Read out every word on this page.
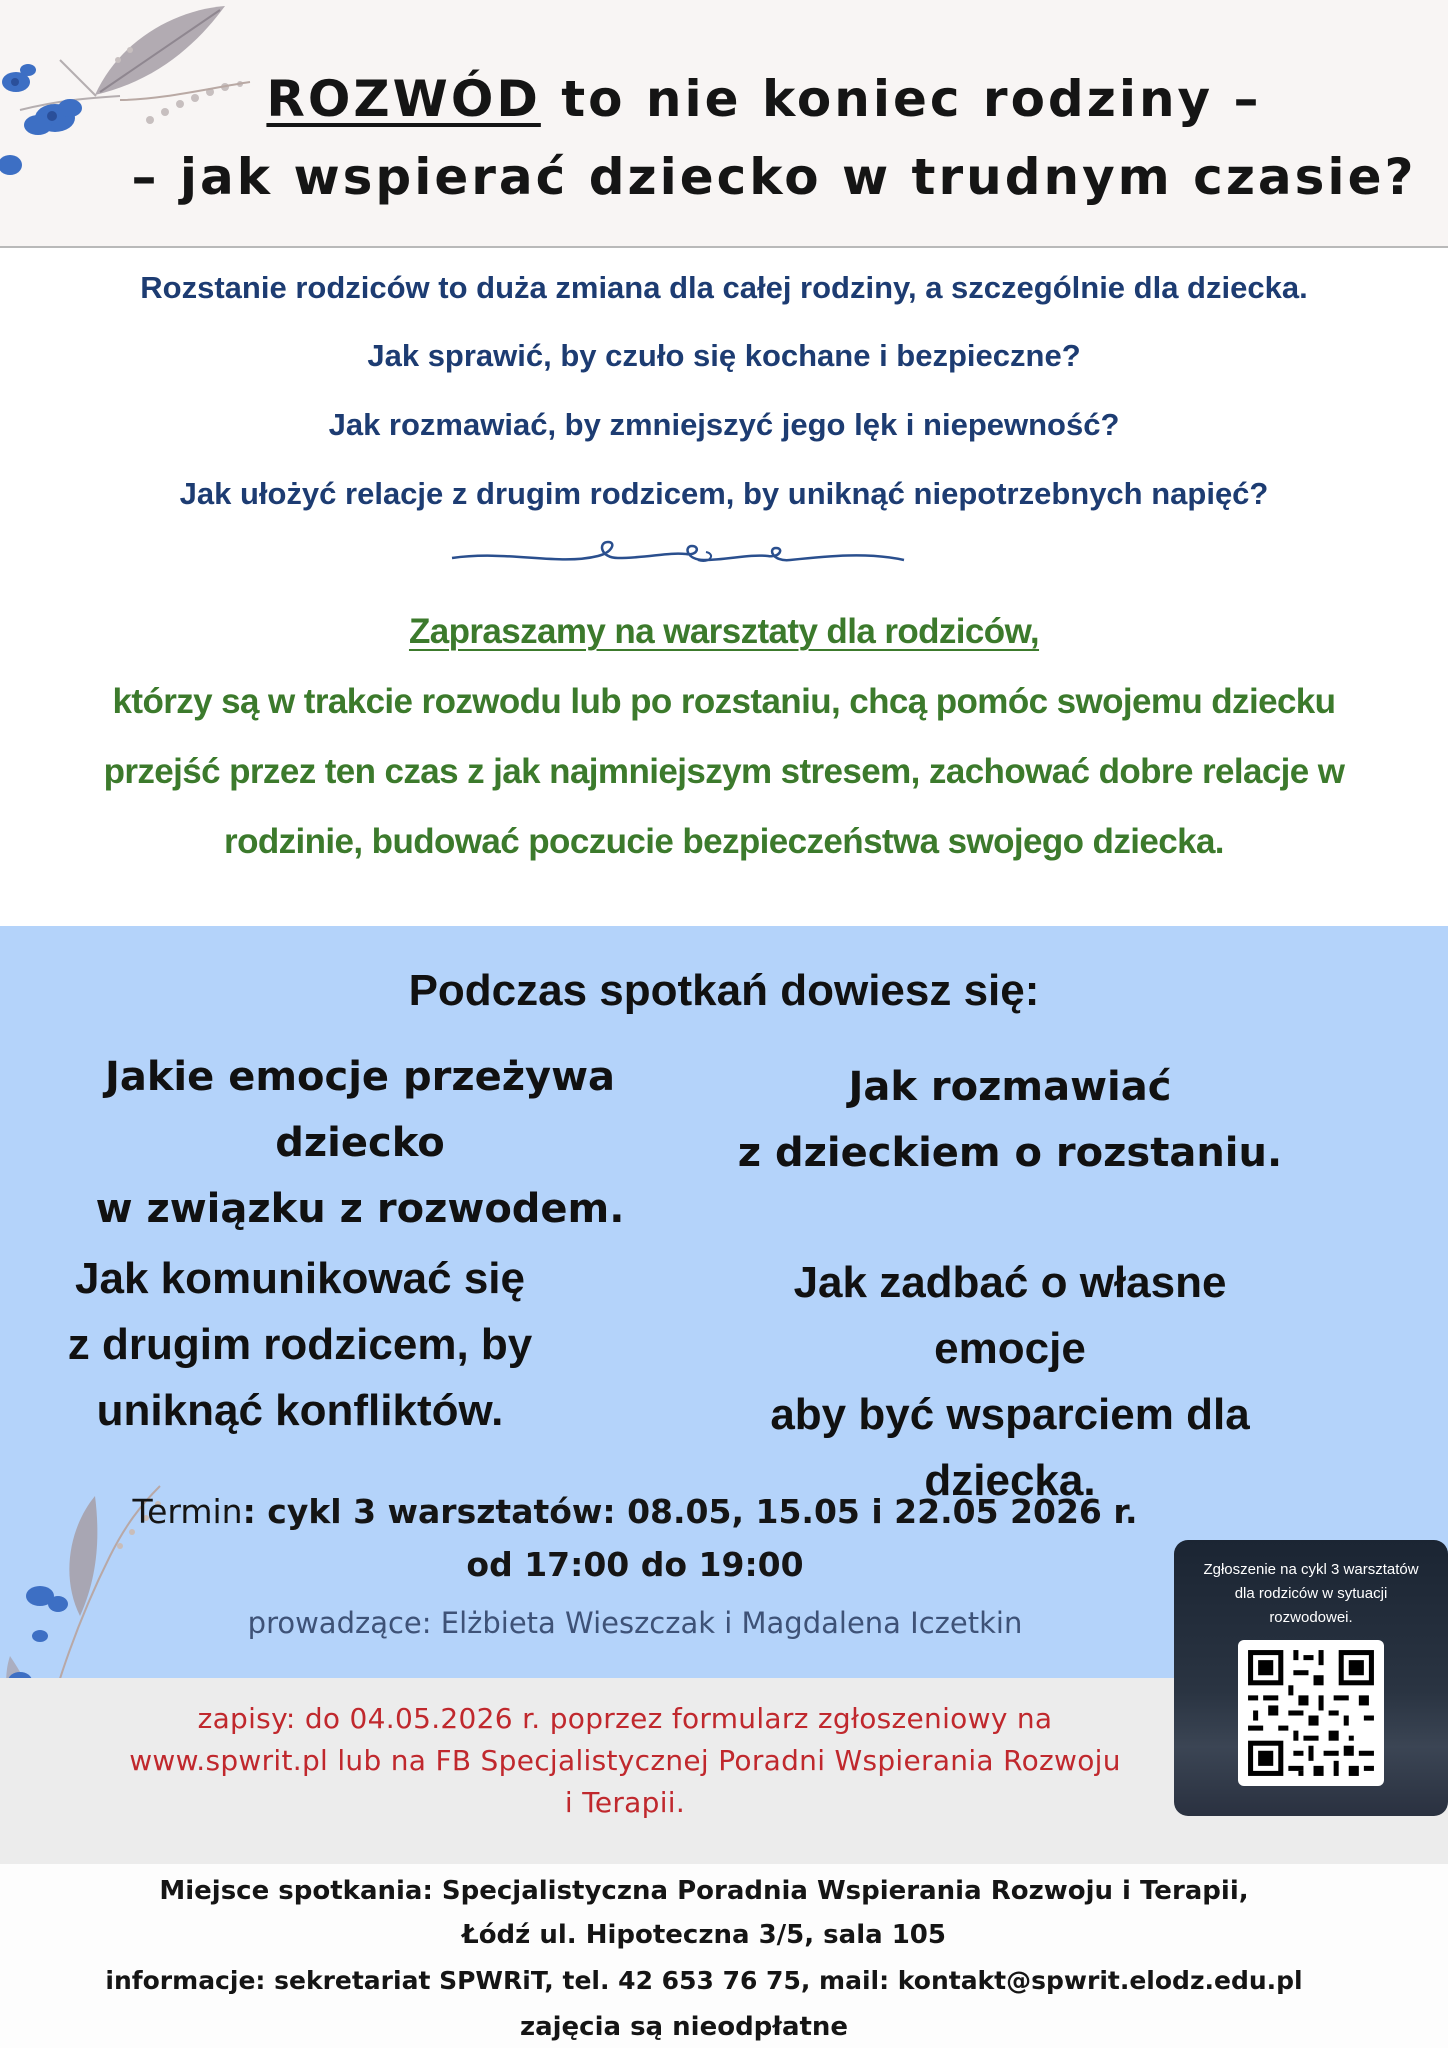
ROZWÓD to nie koniec rodziny –
– jak wspierać dziecko w trudnym czasie?

Rozstanie rodziców to duża zmiana dla całej rodziny, a szczególnie dla dziecka.

Jak sprawić, by czuło się kochane i bezpieczne?

Jak rozmawiać, by zmniejszyć jego lęk i niepewność?

Jak ułożyć relacje z drugim rodzicem, by uniknąć niepotrzebnych napięć?

Zapraszamy na warsztaty dla rodziców,

którzy są w trakcie rozwodu lub po rozstaniu, chcą pomóc swojemu dziecku

przejść przez ten czas z jak najmniejszym stresem, zachować dobre relacje w

rodzinie, budować poczucie bezpieczeństwa swojego dziecka.

Podczas spotkań dowiesz się:

Jakie emocje przeżywa dziecko

w związku z rozwodem.

Jak rozmawiać

z dzieckiem o rozstaniu.

Jak komunikować się

z drugim rodzicem, by

uniknąć konfliktów.

Jak zadbać o własne emocje

aby być wsparciem dla

dziecka.

Termin: cykl 3 warsztatów: 08.05, 15.05 i 22.05 2026 r.

od 17:00 do 19:00

prowadzące: Elżbieta Wieszczak i Magdalena Iczetkin

zapisy: do 04.05.2026 r. poprzez formularz zgłoszeniowy na

www.spwrit.pl lub na FB Specjalistycznej Poradni Wspierania Rozwoju

i Terapii.

Zgłoszenie na cykl 3 warsztatów
dla rodziców w sytuacji
rozwodowei.

Miejsce spotkania: Specjalistyczna Poradnia Wspierania Rozwoju i Terapii,

Łódź ul. Hipoteczna 3/5, sala 105

informacje: sekretariat SPWRiT, tel. 42 653 76 75, mail: kontakt@spwrit.elodz.edu.pl

zajęcia są nieodpłatne
